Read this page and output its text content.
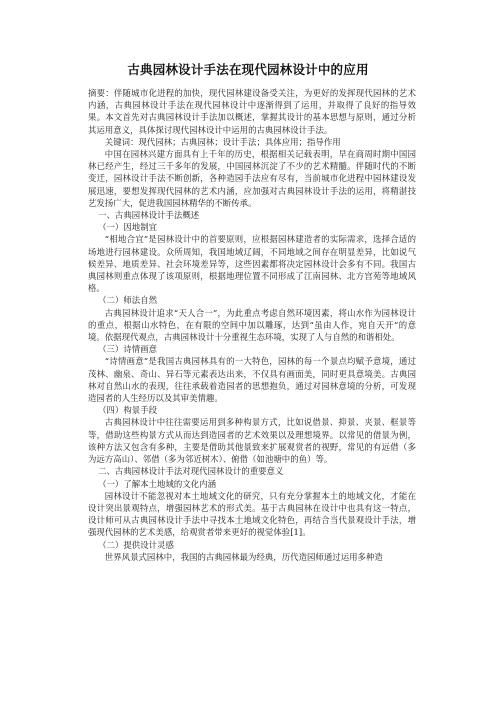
古典园林设计手法在现代园林设计中的应用

摘要：伴随城市化进程的加快，现代园林建设备受关注，为更好的发挥现代园林的艺术内涵，古典园林设计手法在现代园林设计中逐渐得到了运用，并取得了良好的指导效果。本文首先对古典园林设计手法加以概述，掌握其设计的基本思想与原则，通过分析其运用意义，具体探讨现代园林设计中运用的古典园林设计手法。

关键词：现代园林；古典园林；设计手法；具体应用；指导作用

中国在园林兴建方面具有上千年的历史，根据相关记载表明，早在商周时期中国园林已经产生，经过三千多年的发展，中国园林沉淀了不少的艺术精髓。伴随时代的不断变迁，园林设计手法不断创新，各种造园手法应有尽有，当前城市化进程中园林建设发展迅速，要想发挥现代园林的艺术内涵，应加强对古典园林设计手法的运用，将精湛技艺发扬广大，促进我国园林精华的不断传承。

一、古典园林设计手法概述

（一）因地制宜

“相地合宜”是园林设计中的首要原则，应根据园林建造者的实际需求，选择合适的场地进行园林建设。众所周知，我国地域辽阔，不同地域之间存在明显差异，比如说气候差异、地质差异、社会环境差异等，这些因素都将决定园林设计会多有不同。我国古典园林则重点体现了该项原则，根据地理位置不同形成了江南园林、北方宫苑等地域风格。

（二）师法自然

古典园林设计追求“天人合一”，为此重点考虑自然环境因素，将山水作为园林设计的重点，根据山水特色，在有限的空间中加以雕琢，达到“虽由人作，宛自天开”的意境。依据现代观点，古典园林设计十分重视生态环境，实现了人与自然的和谐相处。

（三）诗情画意

“诗情画意”是我国古典园林具有的一大特色，园林的每一个景点均赋予意境，通过茂林、幽泉、奇山、异石等元素表达出来，不仅具有画面美，同时更具意境美。古典园林对自然山水的表现，往往承载着造园者的思想抱负，通过对园林意境的分析，可发现造园者的人生经历以及其审美情趣。

（四）构景手段

古典园林设计中往往需要运用到多种构景方式，比如说借景、抑景、夹景、框景等等，借助这些构景方式从而达到造园者的艺术效果以及理想境界。以常见的借景为例，该种方法又包含有多种，主要是借助其他景致来扩展观赏者的视野，常见的有远借（多为远方高山）、邻借（多为邻近树木）、俯借（如池塘中的鱼）等。

二、古典园林设计手法对现代园林设计的重要意义

（一）了解本土地域的文化内涵

园林设计不能忽视对本土地域文化的研究，只有充分掌握本土的地域文化，才能在设计突出景观特点，增强园林艺术的形式美。基于古典园林在设计中也具有这一特点，设计师可从古典园林设计手法中寻找本土地域文化特色，再结合当代景观设计手法，增强现代园林的艺术美感，给观赏者带来更好的视觉体验[1]。

（二）提供设计灵感

世界风景式园林中，我国的古典园林最为经典，历代造园师通过运用多种造
